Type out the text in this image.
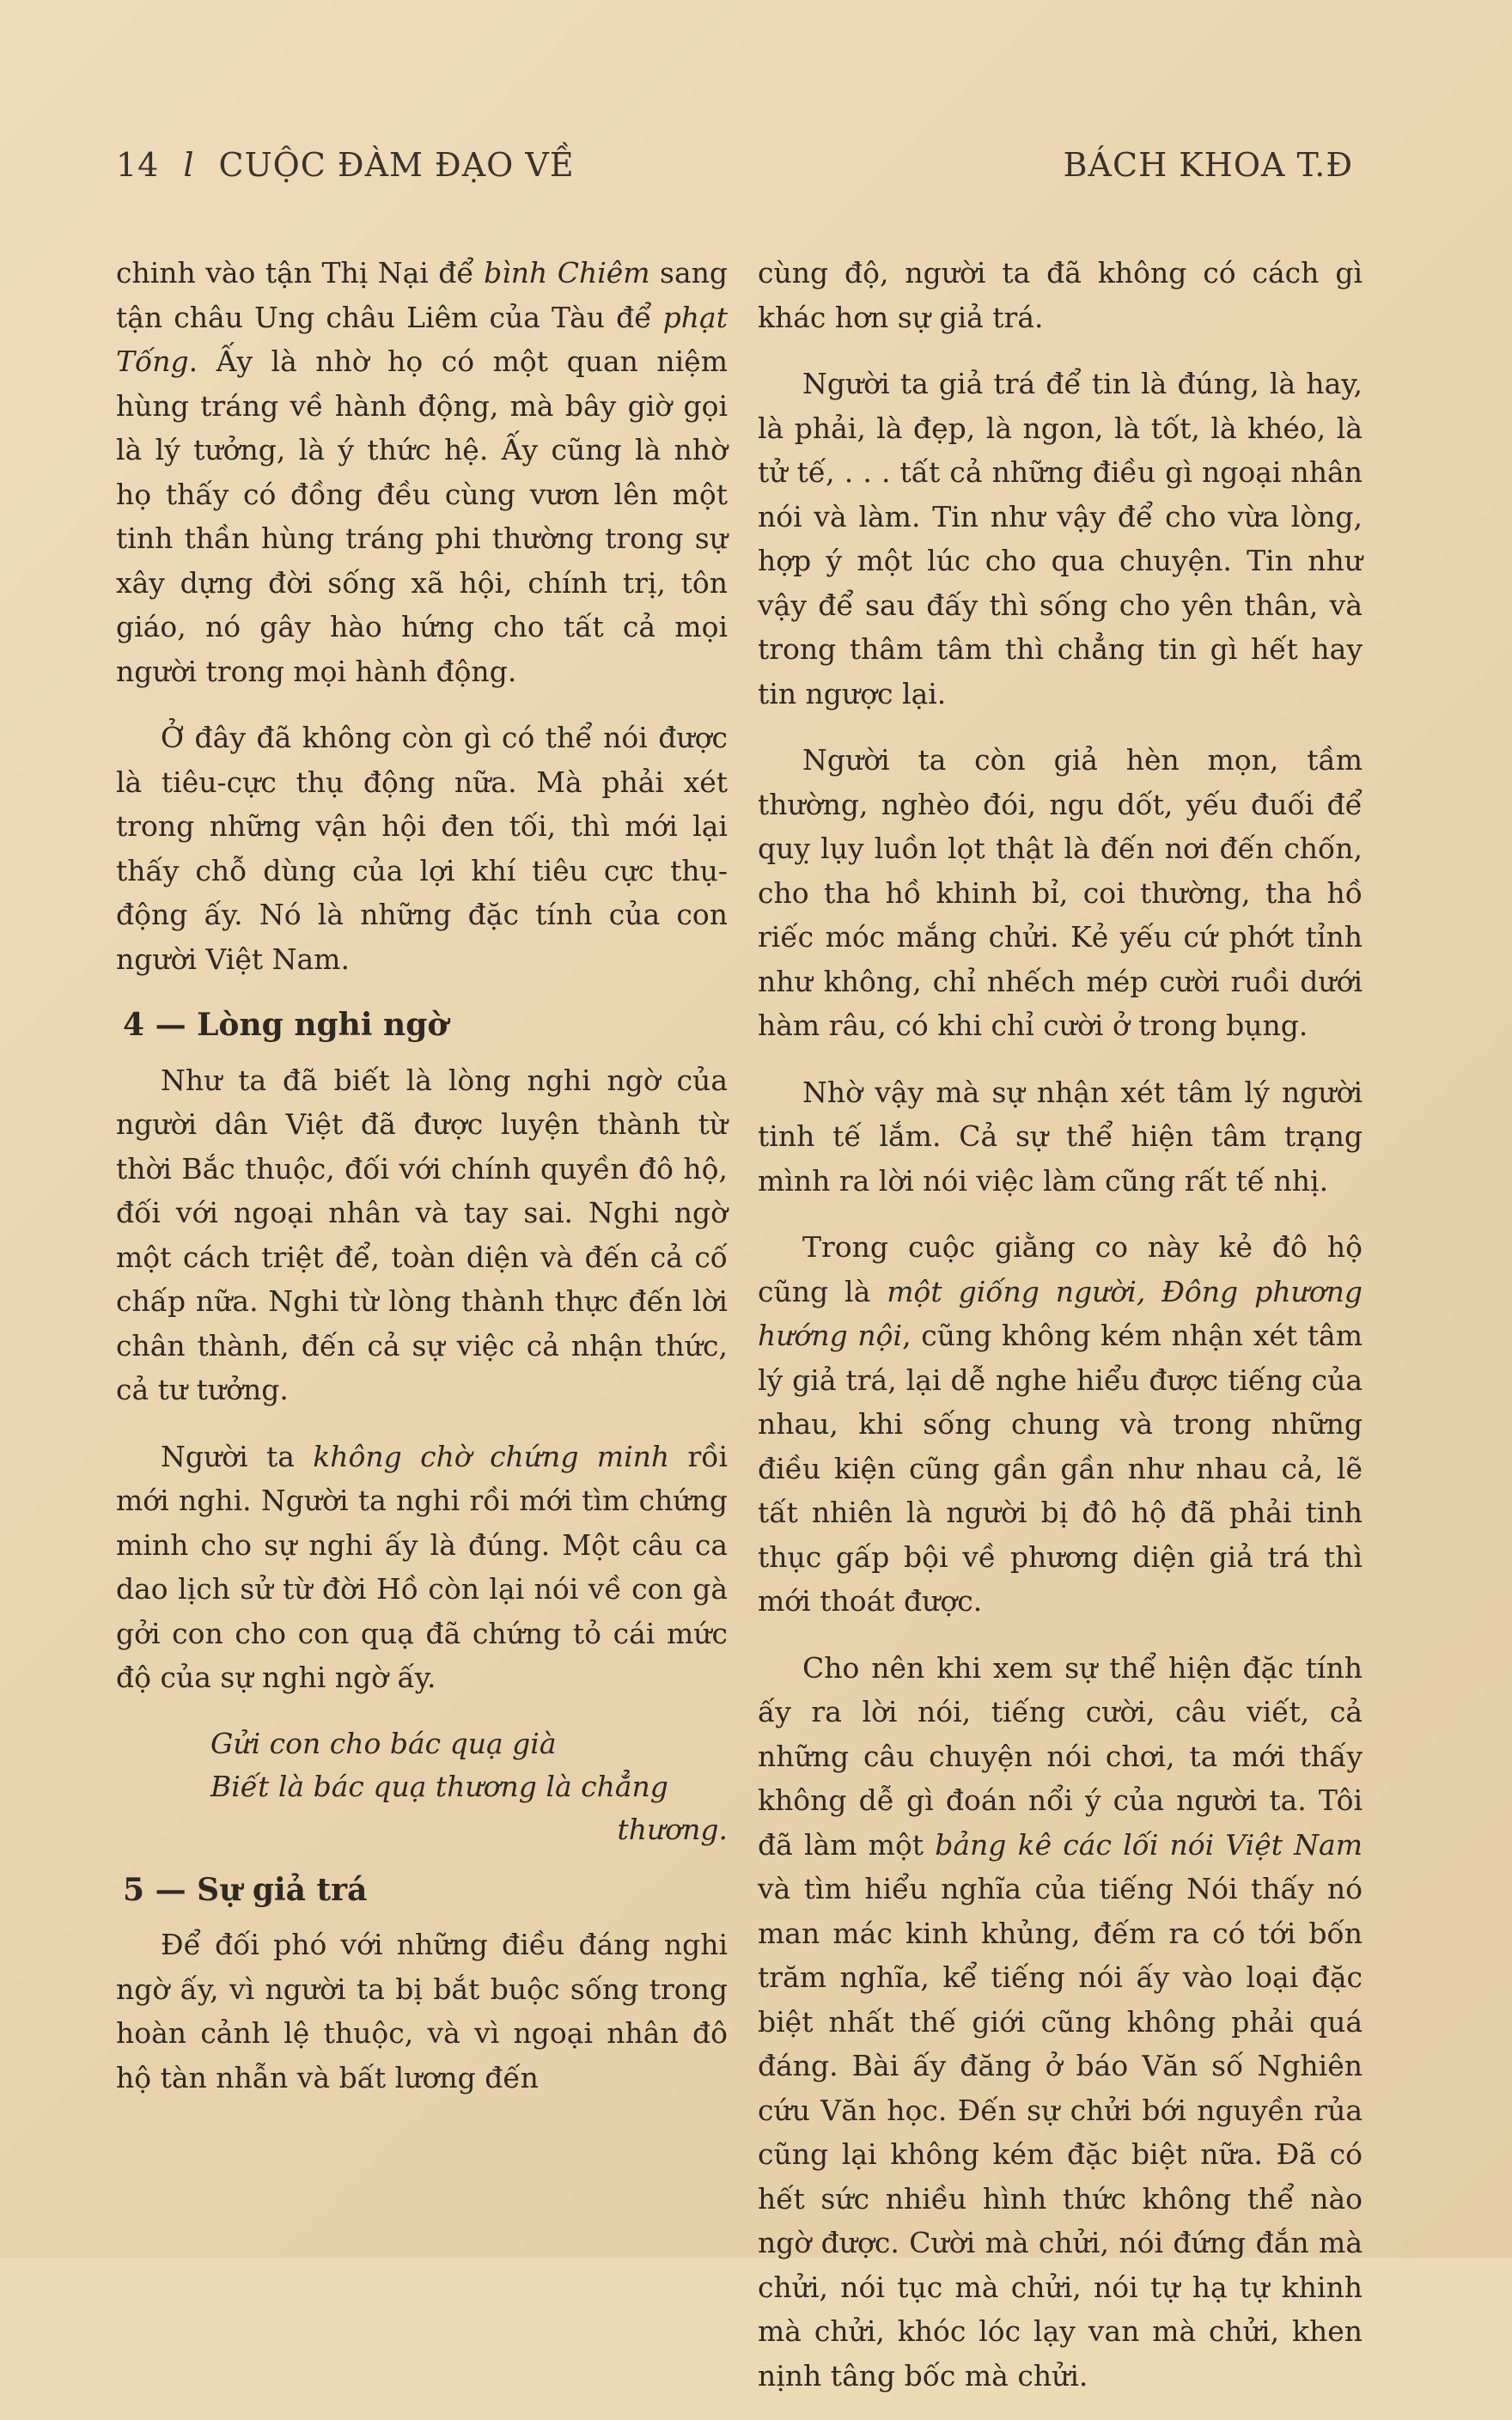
14 l CUỘC ĐÀM ĐẠO VỀ	BÁCH KHOA T.Đ

chinh vào tận Thị Nại để bình Chiêm sang tận châu Ung châu Liêm của Tàu để phạt Tống. Ấy là nhờ họ có một quan niệm hùng tráng về hành động, mà bây giờ gọi là lý tưởng, là ý thức hệ. Ấy cũng là nhờ họ thấy có đồng đều cùng vươn lên một tinh thần hùng tráng phi thường trong sự xây dựng đời sống xã hội, chính trị, tôn giáo, nó gây hào hứng cho tất cả mọi người trong mọi hành động.

Ở đây đã không còn gì có thể nói được là tiêu-cực thụ động nữa. Mà phải xét trong những vận hội đen tối, thì mới lại thấy chỗ dùng của lợi khí tiêu cực thụ-động ấy. Nó là những đặc tính của con người Việt Nam.

4 — Lòng nghi ngờ

Như ta đã biết là lòng nghi ngờ của người dân Việt đã được luyện thành từ thời Bắc thuộc, đối với chính quyền đô hộ, đối với ngoại nhân và tay sai. Nghi ngờ một cách triệt để, toàn diện và đến cả cố chấp nữa. Nghi từ lòng thành thực đến lời chân thành, đến cả sự việc cả nhận thức, cả tư tưởng.

Người ta không chờ chứng minh rồi mới nghi. Người ta nghi rồi mới tìm chứng minh cho sự nghi ấy là đúng. Một câu ca dao lịch sử từ đời Hồ còn lại nói về con gà gởi con cho con quạ đã chứng tỏ cái mức độ của sự nghi ngờ ấy.

Gửi con cho bác quạ già
Biết là bác quạ thương là chẳng
thương.
5 — Sự giả trá

Để đối phó với những điều đáng nghi ngờ ấy, vì người ta bị bắt buộc sống trong hoàn cảnh lệ thuộc, và vì ngoại nhân đô hộ tàn nhẫn và bất lương đến

cùng độ, người ta đã không có cách gì khác hơn sự giả trá.

Người ta giả trá để tin là đúng, là hay, là phải, là đẹp, là ngon, là tốt, là khéo, là tử tế, . . . tất cả những điều gì ngoại nhân nói và làm. Tin như vậy để cho vừa lòng, hợp ý một lúc cho qua chuyện. Tin như vậy để sau đấy thì sống cho yên thân, và trong thâm tâm thì chẳng tin gì hết hay tin ngược lại.

Người ta còn giả hèn mọn, tầm thường, nghèo đói, ngu dốt, yếu đuối để quỵ lụy luồn lọt thật là đến nơi đến chốn, cho tha hồ khinh bỉ, coi thường, tha hồ riếc móc mắng chửi. Kẻ yếu cứ phớt tỉnh như không, chỉ nhếch mép cười ruồi dưới hàm râu, có khi chỉ cười ở trong bụng.

Nhờ vậy mà sự nhận xét tâm lý người tinh tế lắm. Cả sự thể hiện tâm trạng mình ra lời nói việc làm cũng rất tế nhị.

Trong cuộc giằng co này kẻ đô hộ cũng là một giống người, Đông phương hướng nội, cũng không kém nhận xét tâm lý giả trá, lại dễ nghe hiểu được tiếng của nhau, khi sống chung và trong những điều kiện cũng gần gần như nhau cả, lẽ tất nhiên là người bị đô hộ đã phải tinh thục gấp bội về phương diện giả trá thì mới thoát được.

Cho nên khi xem sự thể hiện đặc tính ấy ra lời nói, tiếng cười, câu viết, cả những câu chuyện nói chơi, ta mới thấy không dễ gì đoán nổi ý của người ta. Tôi đã làm một bảng kê các lối nói Việt Nam và tìm hiểu nghĩa của tiếng Nói thấy nó man mác kinh khủng, đếm ra có tới bốn trăm nghĩa, kể tiếng nói ấy vào loại đặc biệt nhất thế giới cũng không phải quá đáng. Bài ấy đăng ở báo Văn số Nghiên cứu Văn học. Đến sự chửi bới nguyền rủa cũng lại không kém đặc biệt nữa. Đã có hết sức nhiều hình thức không thể nào ngờ được. Cười mà chửi, nói đứng đắn mà chửi, nói tục mà chửi, nói tự hạ tự khinh mà chửi, khóc lóc lạy van mà chửi, khen nịnh tâng bốc mà chửi.
